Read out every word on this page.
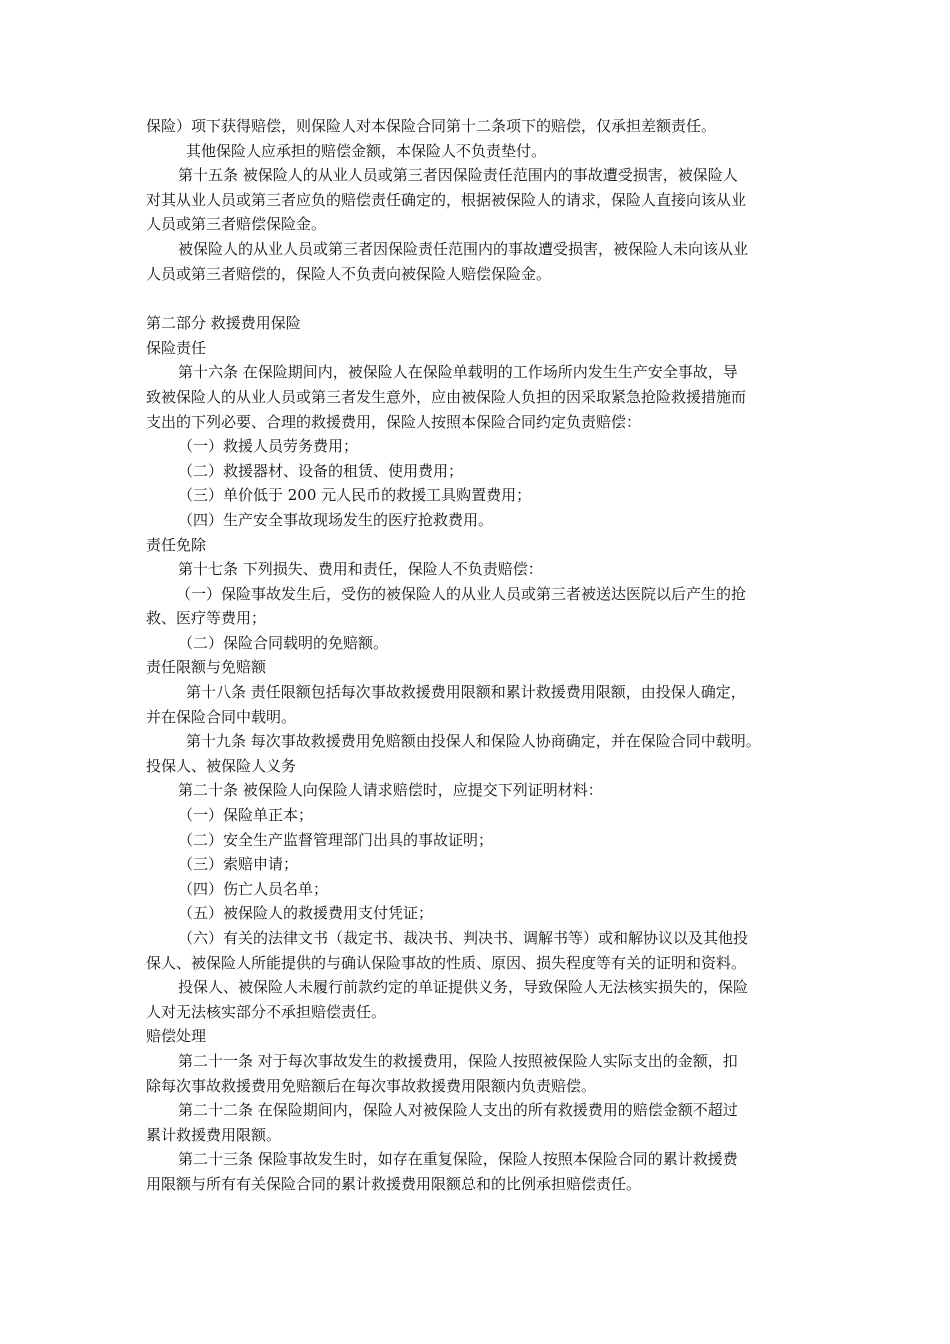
保险）项下获得赔偿，则保险人对本保险合同第十二条项下的赔偿，仅承担差额责任。
其他保险人应承担的赔偿金额，本保险人不负责垫付。
第十五条 被保险人的从业人员或第三者因保险责任范围内的事故遭受损害，被保险人
对其从业人员或第三者应负的赔偿责任确定的，根据被保险人的请求，保险人直接向该从业
人员或第三者赔偿保险金。
被保险人的从业人员或第三者因保险责任范围内的事故遭受损害，被保险人未向该从业
人员或第三者赔偿的，保险人不负责向被保险人赔偿保险金。
第二部分 救援费用保险
保险责任
第十六条 在保险期间内，被保险人在保险单载明的工作场所内发生生产安全事故，导
致被保险人的从业人员或第三者发生意外，应由被保险人负担的因采取紧急抢险救援措施而
支出的下列必要、合理的救援费用，保险人按照本保险合同约定负责赔偿：
（一）救援人员劳务费用；
（二）救援器材、设备的租赁、使用费用；
（三）单价低于 200 元人民币的救援工具购置费用；
（四）生产安全事故现场发生的医疗抢救费用。
责任免除
第十七条 下列损失、费用和责任，保险人不负责赔偿：
（一）保险事故发生后，受伤的被保险人的从业人员或第三者被送达医院以后产生的抢
救、医疗等费用；
（二）保险合同载明的免赔额。
责任限额与免赔额
第十八条 责任限额包括每次事故救援费用限额和累计救援费用限额，由投保人确定，
并在保险合同中载明。
第十九条 每次事故救援费用免赔额由投保人和保险人协商确定，并在保险合同中载明。
投保人、被保险人义务
第二十条 被保险人向保险人请求赔偿时，应提交下列证明材料：
（一）保险单正本；
（二）安全生产监督管理部门出具的事故证明；
（三）索赔申请；
（四）伤亡人员名单；
（五）被保险人的救援费用支付凭证；
（六）有关的法律文书（裁定书、裁决书、判决书、调解书等）或和解协议以及其他投
保人、被保险人所能提供的与确认保险事故的性质、原因、损失程度等有关的证明和资料。
投保人、被保险人未履行前款约定的单证提供义务，导致保险人无法核实损失的，保险
人对无法核实部分不承担赔偿责任。
赔偿处理
第二十一条 对于每次事故发生的救援费用，保险人按照被保险人实际支出的金额，扣
除每次事故救援费用免赔额后在每次事故救援费用限额内负责赔偿。
第二十二条 在保险期间内，保险人对被保险人支出的所有救援费用的赔偿金额不超过
累计救援费用限额。
第二十三条 保险事故发生时，如存在重复保险，保险人按照本保险合同的累计救援费
用限额与所有有关保险合同的累计救援费用限额总和的比例承担赔偿责任。
